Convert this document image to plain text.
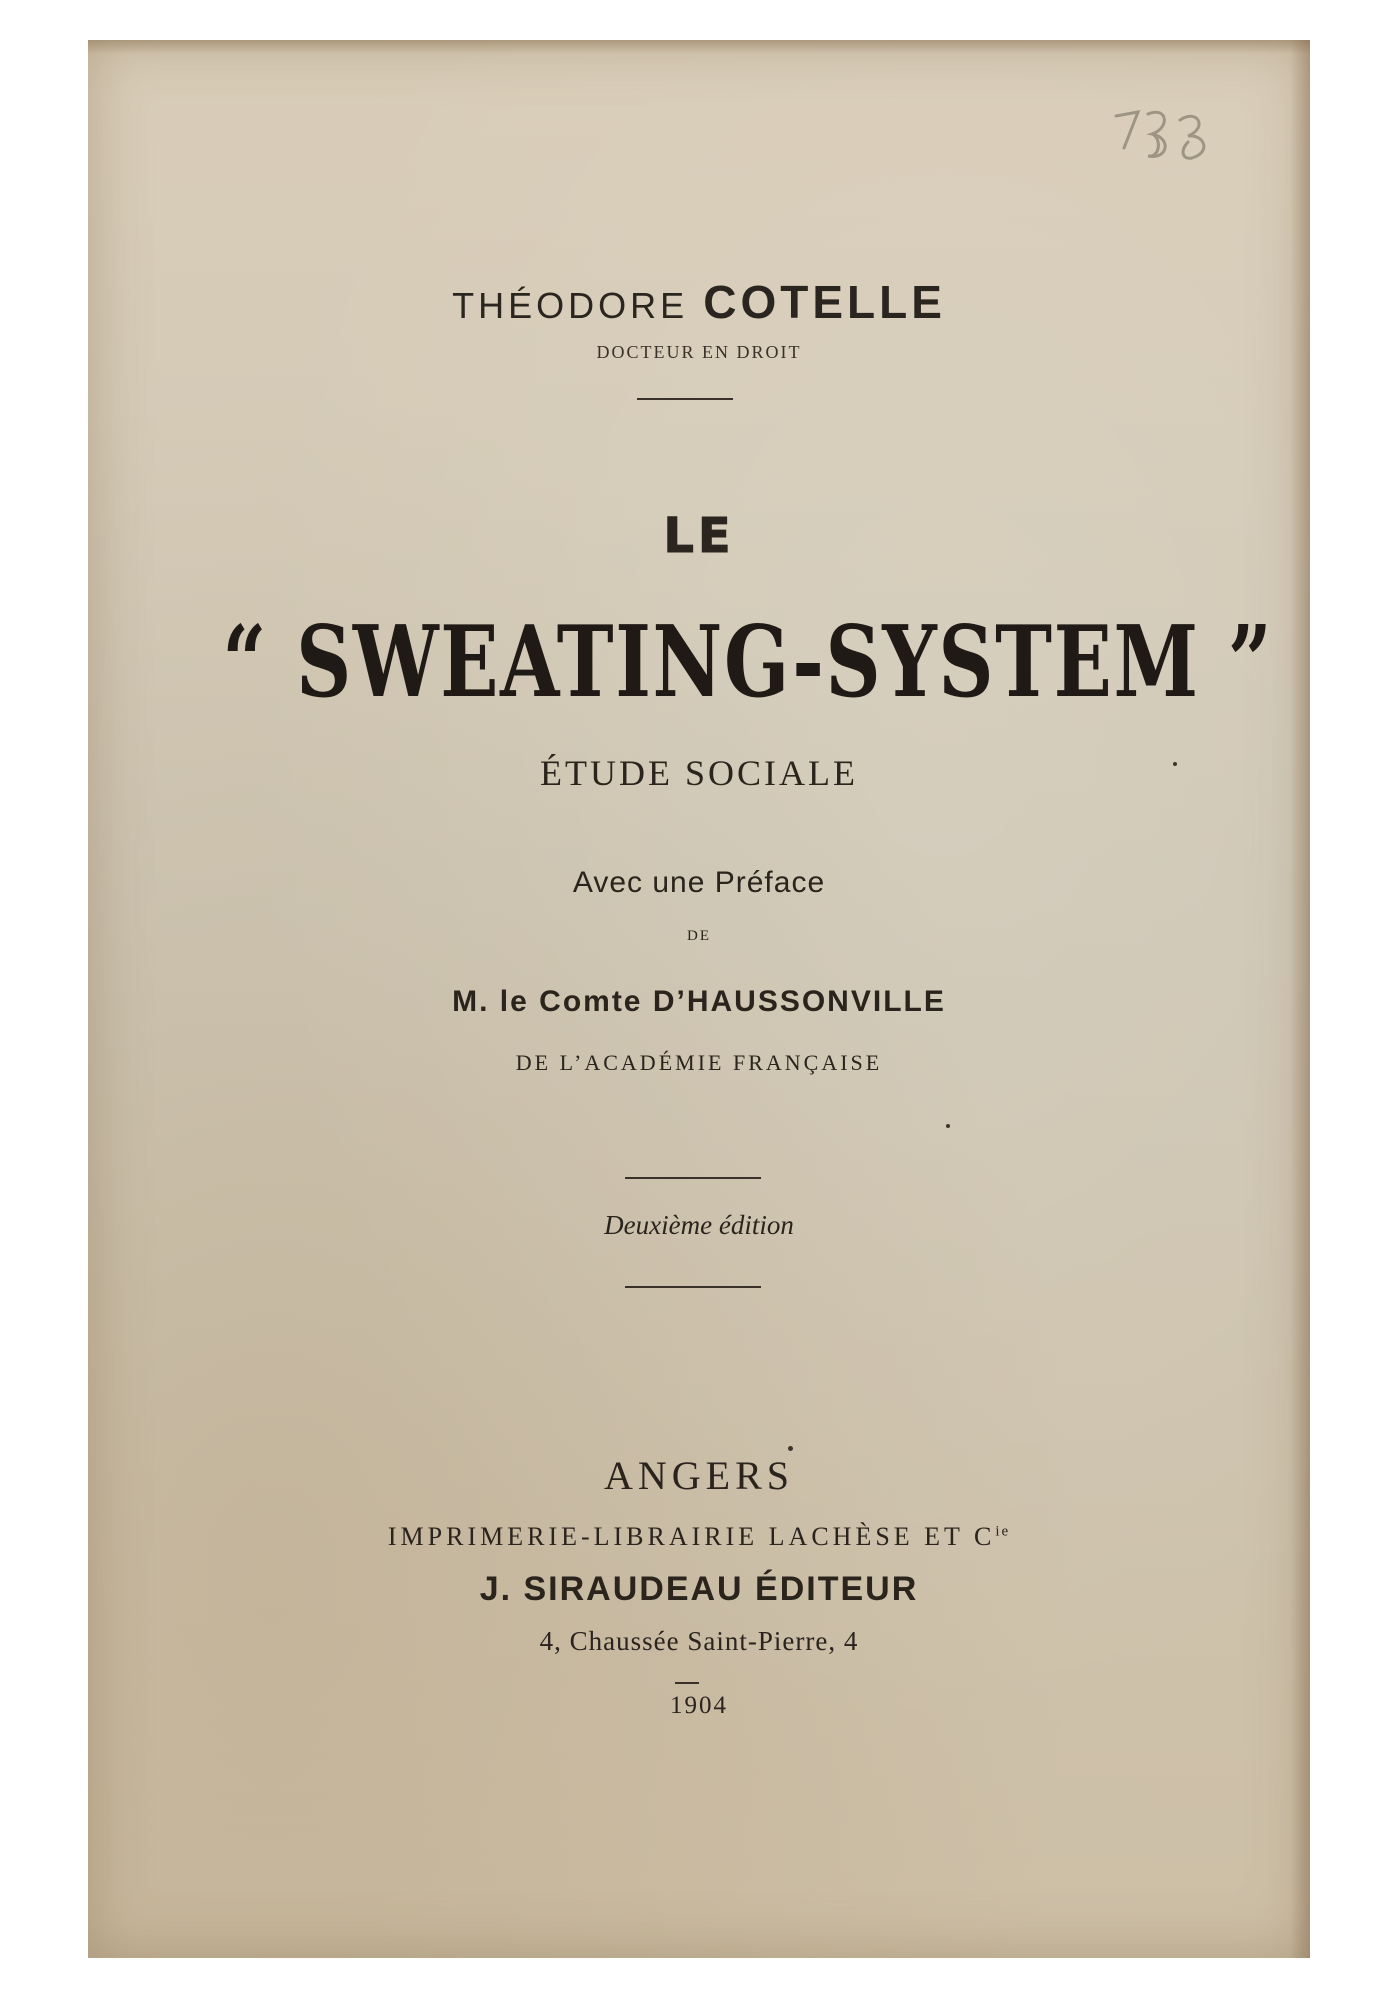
THÉODORE COTELLE
DOCTEUR EN DROIT
LE
“ SWEATING-SYSTEM ”
ÉTUDE SOCIALE
Avec une Préface
DE
M. le Comte D’HAUSSONVILLE
DE L’ACADÉMIE FRANÇAISE
Deuxième édition
ANGERS
IMPRIMERIE-LIBRAIRIE LACHÈSE ET $C^{ie}$
J. SIRAUDEAU ÉDITEUR
4, Chaussée Saint-Pierre, 4
1904
